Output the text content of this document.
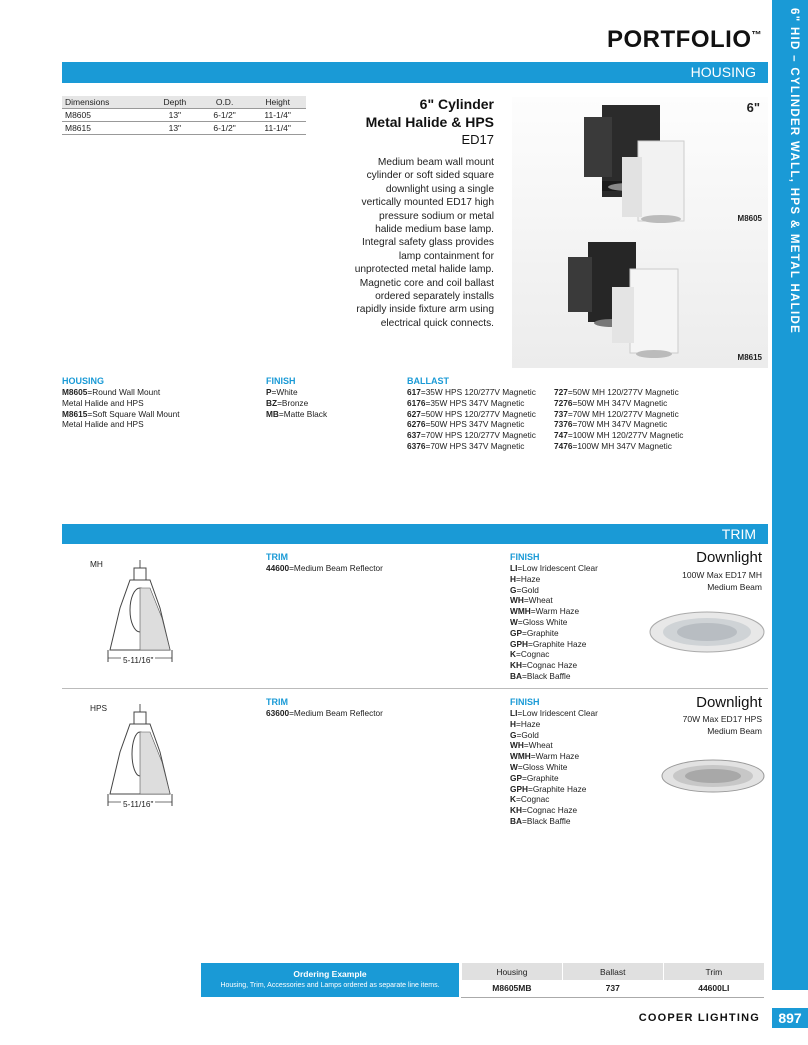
6" HID – CYLINDER WALL, HPS & METAL HALIDE
897
PORTFOLIO™
HOUSING
Dimensions	Depth	O.D.	Height
M8605	13"	6-1/2"	11-1/4"
M8615	13"	6-1/2"	11-1/4"
6" Cylinder
Metal Halide & HPS
ED17
Medium beam wall mount cylinder or soft sided square downlight using a single vertically mounted ED17 high pressure sodium or metal halide medium base lamp. Integral safety glass provides lamp containment for unprotected metal halide lamp. Magnetic core and coil ballast ordered separately installs rapidly inside fixture arm using electrical quick connects.
6"
M8605
M8615
HOUSING
M8605=Round Wall Mount
Metal Halide and HPS
M8615=Soft Square Wall Mount
Metal Halide and HPS
FINISH
P=White
BZ=Bronze
MB=Matte Black
BALLAST
617=35W HPS 120/277V Magnetic
6176=35W HPS 347V Magnetic
627=50W HPS 120/277V Magnetic
6276=50W HPS 347V Magnetic
637=70W HPS 120/277V Magnetic
6376=70W HPS 347V Magnetic
727=50W MH 120/277V Magnetic
7276=50W MH 347V Magnetic
737=70W MH 120/277V Magnetic
7376=70W MH 347V Magnetic
747=100W MH 120/277V Magnetic
7476=100W MH 347V Magnetic
TRIM
MH
5-11/16"
TRIM
44600=Medium Beam Reflector
FINISH
LI=Low Iridescent Clear
H=Haze
G=Gold
WH=Wheat
WMH=Warm Haze
W=Gloss White
GP=Graphite
GPH=Graphite Haze
K=Cognac
KH=Cognac Haze
BA=Black Baffle
Downlight
100W Max ED17 MH
Medium Beam
HPS
5-11/16"
TRIM
63600=Medium Beam Reflector
FINISH
LI=Low Iridescent Clear
H=Haze
G=Gold
WH=Wheat
WMH=Warm Haze
W=Gloss White
GP=Graphite
GPH=Graphite Haze
K=Cognac
KH=Cognac Haze
BA=Black Baffle
Downlight
70W Max ED17 HPS
Medium Beam
Ordering Example
Housing, Trim, Accessories and Lamps ordered as separate line items.
Housing	Ballast	Trim
M8605MB	737	44600LI
COOPER LIGHTING
